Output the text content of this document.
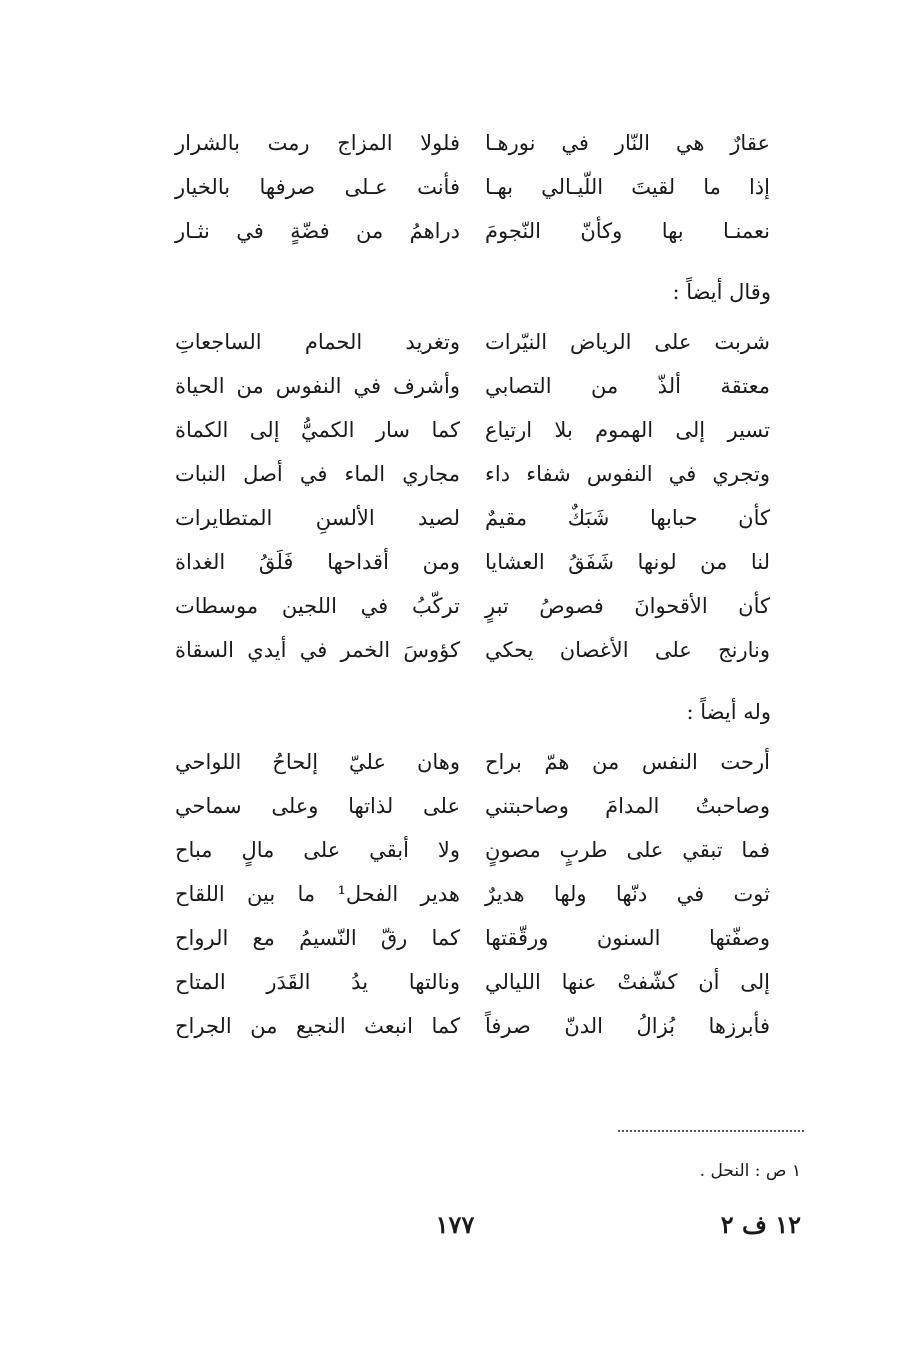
عقارٌ هي النّار في نورهـا
فلولا المزاج رمت بالشرار
إذا ما لقيتَ اللّيـالي بهـا
فأنت عـلى صرفها بالخيار
نعمنـا بها وكأنّ النّجومَ
دراهمُ من فضّةٍ في نثـار
وقال أيضاً :
شربت على الرياض النيّرات
وتغريد الحمام الساجعاتِ
معتقة ألذّ من التصابي
وأشرف في النفوس من الحياة
تسير إلى الهموم بلا ارتياع
كما سار الكميُّ إلى الكماة
وتجري في النفوس شفاء داء
مجاري الماء في أصل النبات
كأن حبابها شَبَكٌ مقيمٌ
لصيد الألسنِ المتطايرات
لنا من لونها شَفَقُ العشايا
ومن أقداحها فَلَقُ الغداة
كأن الأقحوانَ فصوصُ تبرٍ
تركّبُ في اللجين موسطات
ونارنج على الأغصان يحكي
كؤوسَ الخمر في أيدي السقاة
وله أيضاً :
أرحت النفس من همّ براح
وهان عليّ إلحاحُ اللواحي
وصاحبتُ المدامَ وصاحبتني
على لذاتها وعلى سماحي
فما تبقي على طربٍ مصونٍ
ولا أبقي على مالٍ مباح
ثوت في دنّها ولها هديرٌ
هدير الفحل¹ ما بين اللقاح
وصفّتها السنون ورقّقتها
كما رقّ النّسيمُ مع الرواح
إلى أن كشّفتْ عنها الليالي
ونالتها يدُ القَدَر المتاح
فأبرزها بُزالُ الدنّ صرفاً
كما انبعث النجيع من الجراح
١ ص : النحل .
١٢ ف ٢
١٧٧
